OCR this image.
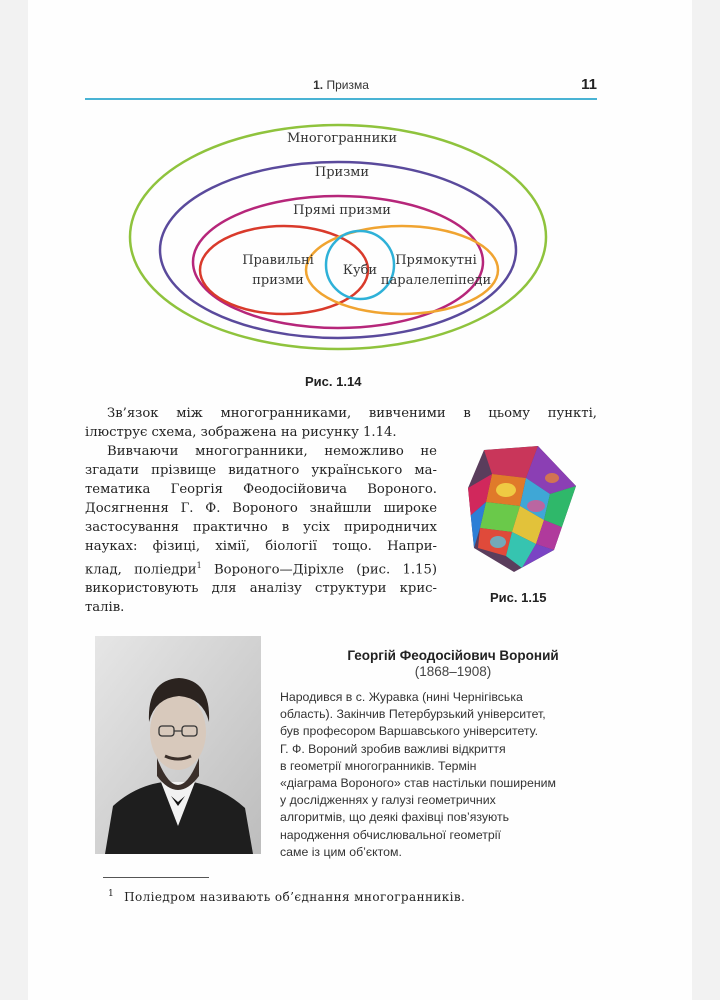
1. Призма	11
Многогранники
Призми
Прямі призми
Правильні
призми
Куби
Прямокутні
паралелепіпеди
Рис. 1.14

Зв’язок між многогранниками, вивченими в цьому пункті,

ілюструє схема, зображена на рисунку 1.14.

Вивчаючи многогранники, неможливо не

згадати прізвище видатного українського ма-

тематика Георгія Феодосійовича Вороного.

Досягнення Г. Ф. Вороного знайшли широке

застосування практично в усіх природничих

науках: фізиці, хімії, біології тощо. Напри-

клад, поліедри$^1$ Вороного—Діріхле (рис. 1.15)

використовують для аналізу структури крис-

талів.

Рис. 1.15
Георгій Феодосійович Вороний
(1868–1908)
Народився в с. Журавка (нині Чернігівська
область). Закінчив Петербурзький університет,
був професором Варшавського університету.
Г. Ф. Вороний зробив важливі відкриття
в геометрії многогранників. Термін
«діаграма Вороного» став настільки поширеним
у дослідженнях у галузі геометричних
алгоритмів, що деякі фахівці пов’язують
народження обчислювальної геометрії
саме із цим об’єктом.
$^1$ Поліедром називають об’єднання многогранників.
